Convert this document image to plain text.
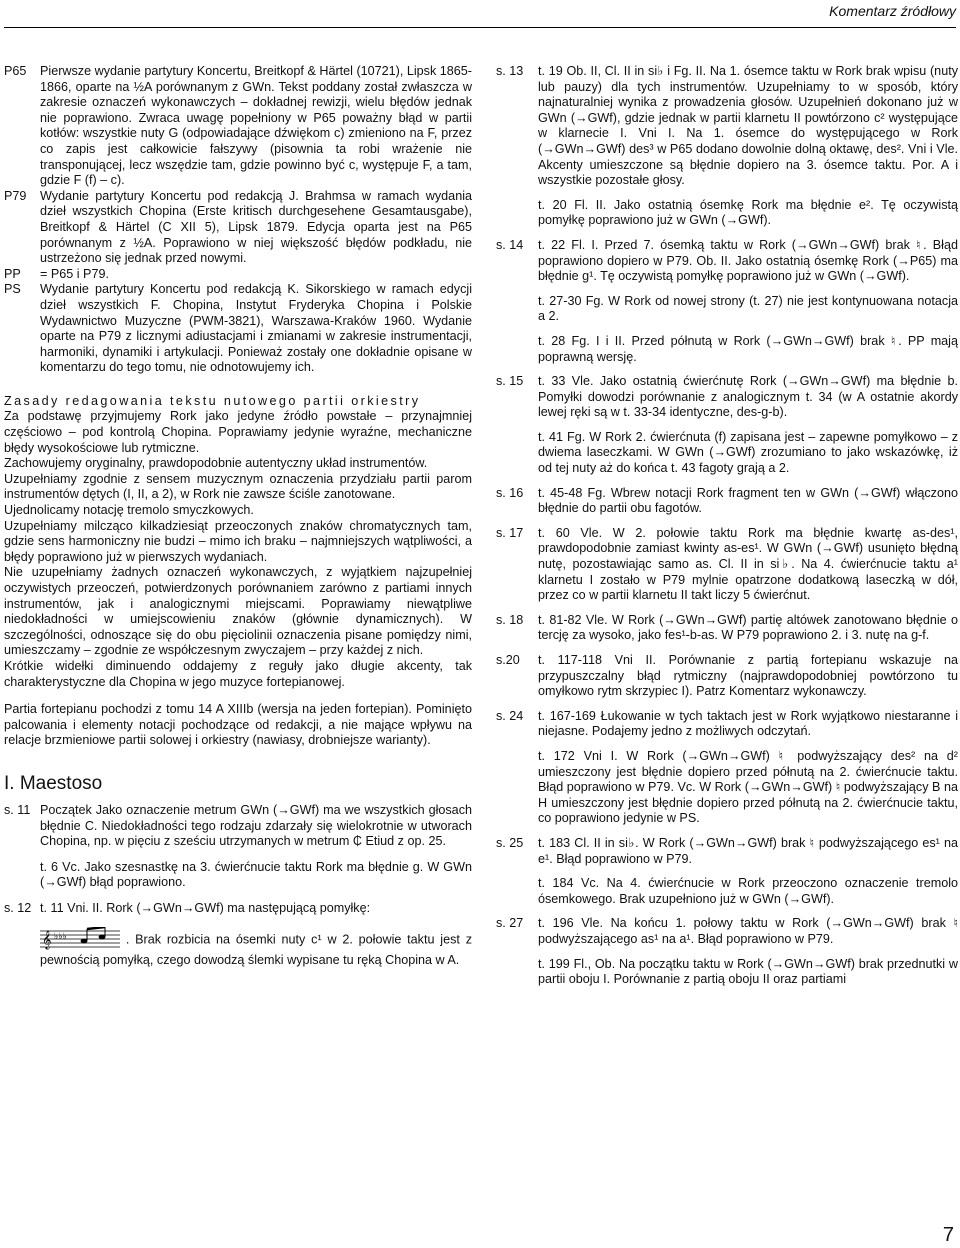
Komentarz źródłowy
P65 Pierwsze wydanie partytury Koncertu, Breitkopf & Härtel (10721), Lipsk 1865-1866, oparte na ½A porównanym z GWn. Tekst poddany został zwłaszcza w zakresie oznaczeń wykonawczych – dokładnej rewizji, wielu błędów jednak nie poprawiono. Zwraca uwagę popełniony w P65 poważny błąd w partii kotłów: wszystkie nuty G (odpowiadające dźwiękom c) zmieniono na F, przez co zapis jest całkowicie fałszywy (pisownia ta robi wrażenie nie transponującej, lecz wszędzie tam, gdzie powinno być c, występuje F, a tam, gdzie F (f) – c).
P79 Wydanie partytury Koncertu pod redakcją J. Brahmsa w ramach wydania dzieł wszystkich Chopina (Erste kritisch durchgesehene Gesamtausgabe), Breitkopf & Härtel (C XII 5), Lipsk 1879. Edycja oparta jest na P65 porównanym z ½A. Poprawiono w niej większość błędów podkładu, nie ustrzeżono się jednak przed nowymi.
PP = P65 i P79.
PS Wydanie partytury Koncertu pod redakcją K. Sikorskiego w ramach edycji dzieł wszystkich F. Chopina, Instytut Fryderyka Chopina i Polskie Wydawnictwo Muzyczne (PWM-3821), Warszawa-Kraków 1960. Wydanie oparte na P79 z licznymi adiustacjami i zmianami w zakresie instrumentacji, harmoniki, dynamiki i artykulacji. Ponieważ zostały one dokładnie opisane w komentarzu do tego tomu, nie odnotowujemy ich.
Zasady redagowania tekstu nutowego partii orkiestry
Za podstawę przyjmujemy Rork jako jedyne źródło powstałe – przynajmniej częściowo – pod kontrolą Chopina. Poprawiamy jedynie wyraźne, mechaniczne błędy wysokościowe lub rytmiczne.
Zachowujemy oryginalny, prawdopodobnie autentyczny układ instrumentów.
Uzupełniamy zgodnie z sensem muzycznym oznaczenia przydziału partii parom instrumentów dętych (I, II, a 2), w Rork nie zawsze ściśle zanotowane.
Ujednolicamy notację tremolo smyczkowych.
Uzupełniamy milcząco kilkadziesiąt przeoczonych znaków chromatycznych tam, gdzie sens harmoniczny nie budzi – mimo ich braku – najmniejszych wątpliwości, a błędy poprawiono już w pierwszych wydaniach.
Nie uzupełniamy żadnych oznaczeń wykonawczych, z wyjątkiem najzupełniej oczywistych przeoczeń, potwierdzonych porównaniem zarówno z partiami innych instrumentów, jak i analogicznymi miejscami. Poprawiamy niewątpliwe niedokładności w umiejscowieniu znaków (głównie dynamicznych). W szczególności, odnoszące się do obu pięciolinii oznaczenia pisane pomiędzy nimi, umieszczamy – zgodnie ze współczesnym zwyczajem – przy każdej z nich.
Krótkie widełki diminuendo oddajemy z reguły jako długie akcenty, tak charakterystyczne dla Chopina w jego muzyce fortepianowej.
Partia fortepianu pochodzi z tomu 14 A XIIIb (wersja na jeden fortepian). Pominięto palcowania i elementy notacji pochodzące od redakcji, a nie mające wpływu na relacje brzmieniowe partii solowej i orkiestry (nawiasy, drobniejsze warianty).
I. Maestoso
s. 11 Początek Jako oznaczenie metrum GWn (→GWf) ma we wszystkich głosach błędnie C. Niedokładności tego rodzaju zdarzały się wielokrotnie w utworach Chopina, np. w pięciu z sześciu utrzymanych w metrum ₵ Etiud z op. 25.
t. 6 Vc. Jako szesnastkę na 3. ćwierćnucie taktu Rork ma błędnie g. W GWn (→GWf) błąd poprawiono.
s. 12 t. 11 Vni. II. Rork (→GWn→GWf) ma następującą pomyłkę:
𝄞 ♭♭♭	. Brak rozbicia na ósemki nuty c¹ w 2. połowie taktu jest z pewnością pomyłką, czego dowodzą ślemki wypisane tu ręką Chopina w A.
s. 13 t. 19 Ob. II, Cl. II in si♭ i Fg. II. Na 1. ósemce taktu w Rork brak wpisu (nuty lub pauzy) dla tych instrumentów. Uzupełniamy to w sposób, który najnaturalniej wynika z prowadzenia głosów. Uzupełnień dokonano już w GWn (→GWf), gdzie jednak w partii klarnetu II powtórzono c² występujące w klarnecie I. Vni I. Na 1. ósemce do występującego w Rork (→GWn→GWf) des³ w P65 dodano dowolnie dolną oktawę, des². Vni i Vle. Akcenty umieszczone są błędnie dopiero na 3. ósemce taktu. Por. A i wszystkie pozostałe głosy.
t. 20 Fl. II. Jako ostatnią ósemkę Rork ma błędnie e². Tę oczywistą pomyłkę poprawiono już w GWn (→GWf).
s. 14 t. 22 Fl. I. Przed 7. ósemką taktu w Rork (→GWn→GWf) brak ♮. Błąd poprawiono dopiero w P79. Ob. II. Jako ostatnią ósemkę Rork (→P65) ma błędnie g¹. Tę oczywistą pomyłkę poprawiono już w GWn (→GWf).
t. 27-30 Fg. W Rork od nowej strony (t. 27) nie jest kontynuowana notacja a 2.
t. 28 Fg. I i II. Przed półnutą w Rork (→GWn→GWf) brak ♮. PP mają poprawną wersję.
s. 15 t. 33 Vle. Jako ostatnią ćwierćnutę Rork (→GWn→GWf) ma błędnie b. Pomyłki dowodzi porównanie z analogicznym t. 34 (w A ostatnie akordy lewej ręki są w t. 33-34 identyczne, des-g-b).
t. 41 Fg. W Rork 2. ćwierćnuta (f) zapisana jest – zapewne pomyłkowo – z dwiema laseczkami. W GWn (→GWf) zrozumiano to jako wskazówkę, iż od tej nuty aż do końca t. 43 fagoty grają a 2.
s. 16 t. 45-48 Fg. Wbrew notacji Rork fragment ten w GWn (→GWf) włączono błędnie do partii obu fagotów.
s. 17 t. 60 Vle. W 2. połowie taktu Rork ma błędnie kwartę as-des¹, prawdopodobnie zamiast kwinty as-es¹. W GWn (→GWf) usunięto błędną nutę, pozostawiając samo as. Cl. II in si♭. Na 4. ćwierćnucie taktu a¹ klarnetu I zostało w P79 mylnie opatrzone dodatkową laseczką w dół, przez co w partii klarnetu II takt liczy 5 ćwierćnut.
s. 18 t. 81-82 Vle. W Rork (→GWn→GWf) partię altówek zanotowano błędnie o tercję za wysoko, jako fes¹-b-as. W P79 poprawiono 2. i 3. nutę na g-f.
s.20 t. 117-118 Vni II. Porównanie z partią fortepianu wskazuje na przypuszczalny błąd rytmiczny (najprawdopodobniej powtórzono tu omyłkowo rytm skrzypiec I). Patrz Komentarz wykonawczy.
s. 24 t. 167-169 Łukowanie w tych taktach jest w Rork wyjątkowo niestaranne i niejasne. Podajemy jedno z możliwych odczytań.
t. 172 Vni I. W Rork (→GWn→GWf) ♮ podwyższający des² na d² umieszczony jest błędnie dopiero przed półnutą na 2. ćwierćnucie taktu. Błąd poprawiono w P79. Vc. W Rork (→GWn→GWf) ♮ podwyższający B na H umieszczony jest błędnie dopiero przed półnutą na 2. ćwierćnucie taktu, co poprawiono jedynie w PS.
s. 25 t. 183 Cl. II in si♭. W Rork (→GWn→GWf) brak ♮ podwyższającego es¹ na e¹. Błąd poprawiono w P79.
t. 184 Vc. Na 4. ćwierćnucie w Rork przeoczono oznaczenie tremolo ósemkowego. Brak uzupełniono już w GWn (→GWf).
s. 27 t. 196 Vle. Na końcu 1. połowy taktu w Rork (→GWn→GWf) brak ♮ podwyższającego as¹ na a¹. Błąd poprawiono w P79.
t. 199 Fl., Ob. Na początku taktu w Rork (→GWn→GWf) brak przednutki w partii oboju I. Porównanie z partią oboju II oraz partiami
7
